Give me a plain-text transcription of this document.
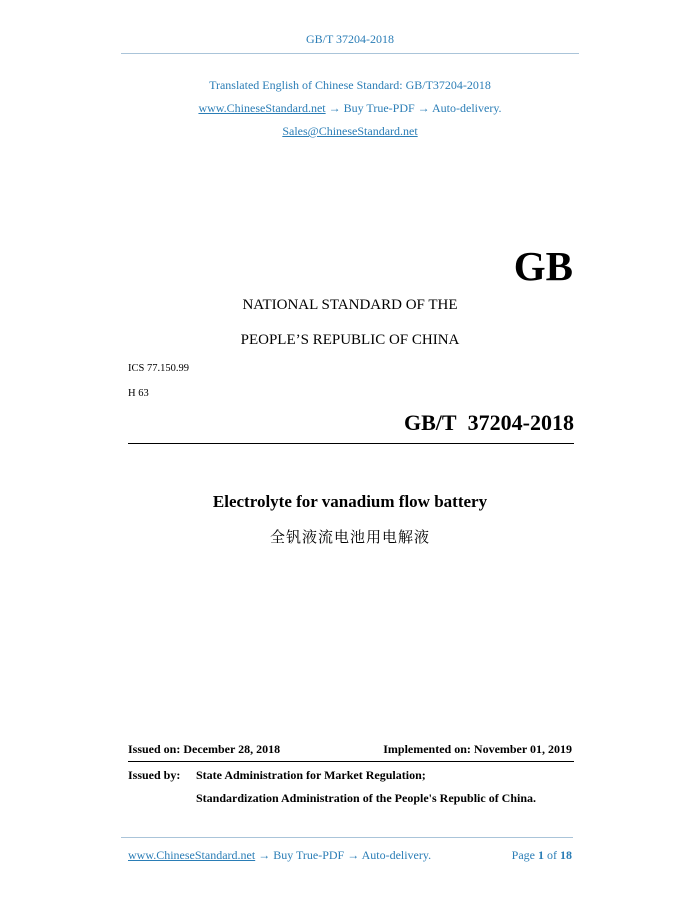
GB/T 37204-2018
Translated English of Chinese Standard: GB/T37204-2018
www.ChineseStandard.net → Buy True-PDF → Auto-delivery.
Sales@ChineseStandard.net
GB
NATIONAL STANDARD OF THE
PEOPLE’S REPUBLIC OF CHINA
ICS 77.150.99
H 63
GB/T 37204-2018
Electrolyte for vanadium flow battery
全钒液流电池用电解液
Issued on: December 28, 2018	Implemented on: November 01, 2019
Issued by: State Administration for Market Regulation;
Standardization Administration of the People's Republic of China.
www.ChineseStandard.net → Buy True-PDF → Auto-delivery.	Page 1 of 18
